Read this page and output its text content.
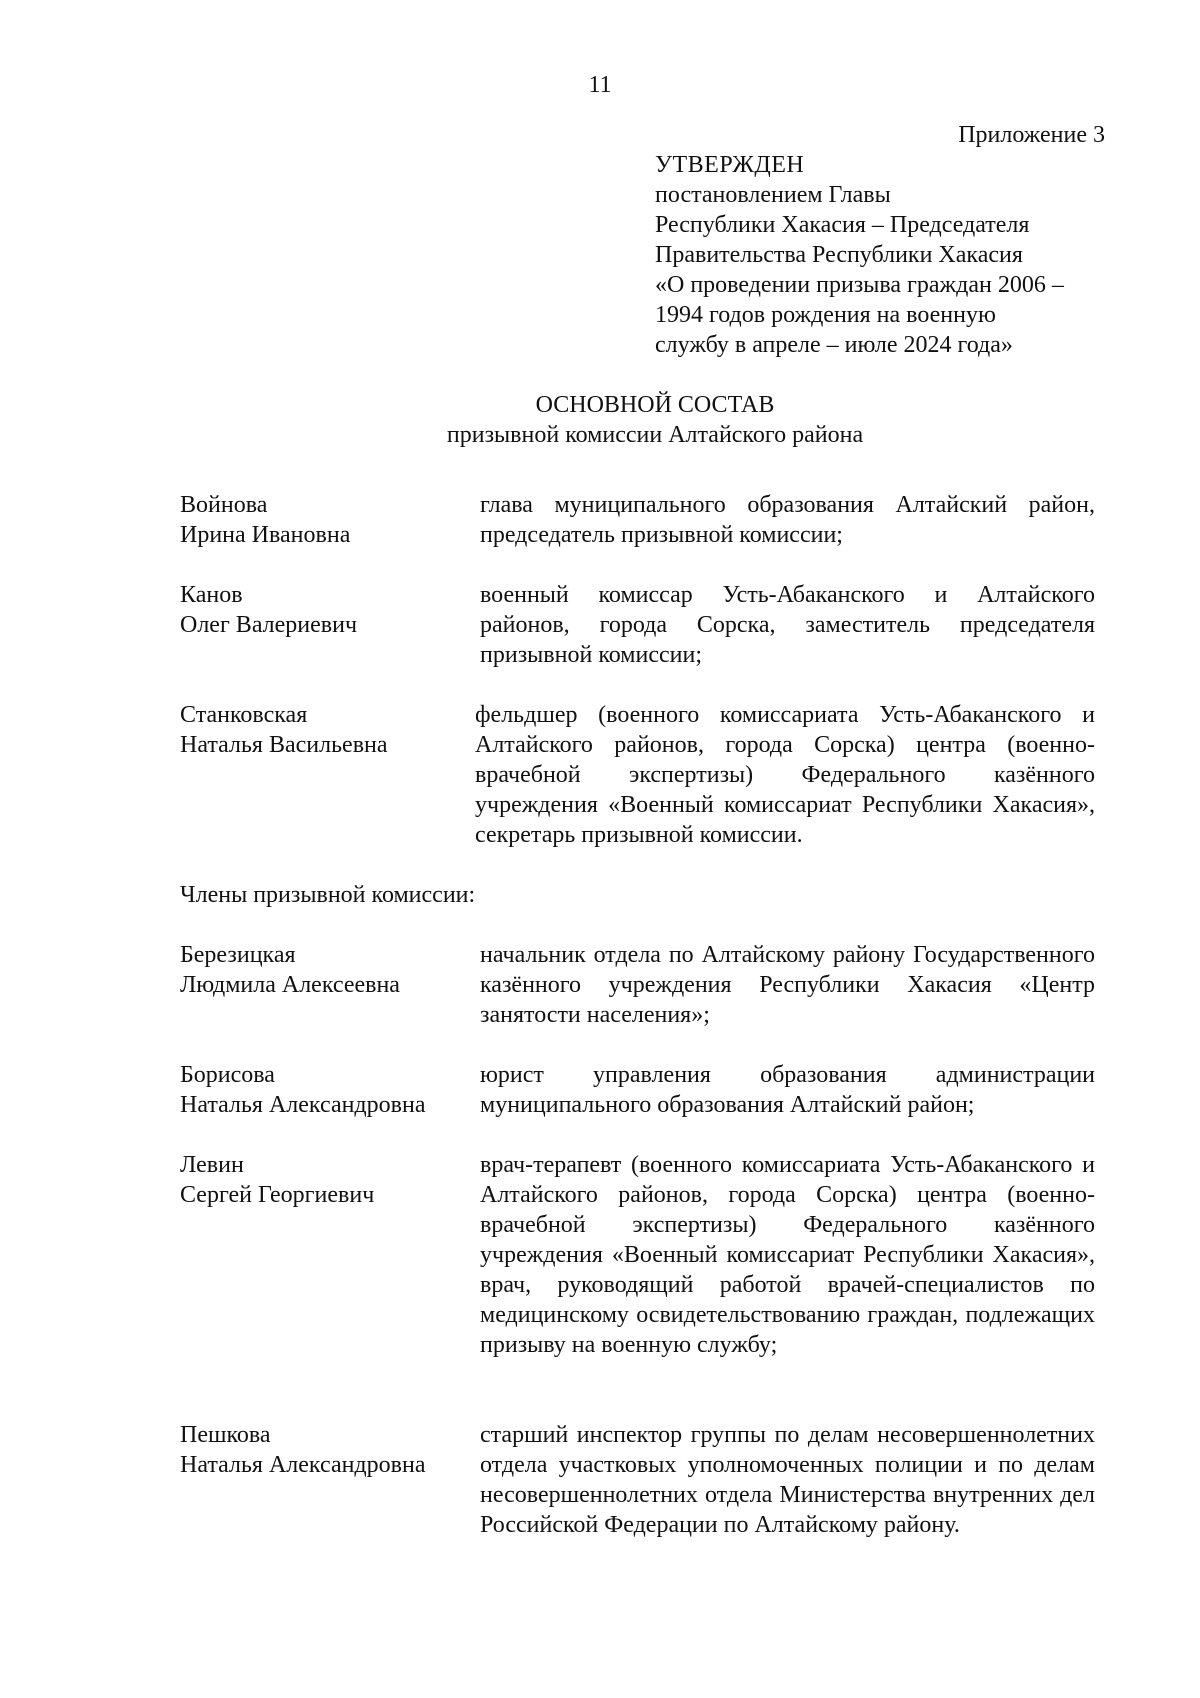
11
Приложение 3
УТВЕРЖДЕН
постановлением Главы
Республики Хакасия – Председателя
Правительства Республики Хакасия
«О проведении призыва граждан 2006 –
1994 годов рождения на военную
службу в апреле – июле 2024 года»
ОСНОВНОЙ СОСТАВ
призывной комиссии Алтайского района
Войнова
Ирина Ивановна
глава муниципального образования Алтайский район, председатель призывной комиссии;
Канов
Олег Валериевич
военный комиссар Усть-Абаканского и Алтайского районов, города Сорска, заместитель председателя призывной комиссии;
Станковская
Наталья Васильевна
фельдшер (военного комиссариата Усть-Абаканского и Алтайского районов, города Сорска) центра (военно-врачебной экспертизы) Федерального казённого учреждения «Военный комиссариат Республики Хакасия», секретарь призывной комиссии.
Члены призывной комиссии:
Березицкая
Людмила Алексеевна
начальник отдела по Алтайскому району Государственного казённого учреждения Республики Хакасия «Центр занятости населения»;
Борисова
Наталья Александровна
юрист управления образования администрации муниципального образования Алтайский район;
Левин
Сергей Георгиевич
врач-терапевт (военного комиссариата Усть-Абаканского и Алтайского районов, города Сорска) центра (военно-врачебной экспертизы) Федерального казённого учреждения «Военный комиссариат Республики Хакасия», врач, руководящий работой врачей-специалистов по медицинскому освидетельствованию граждан, подлежащих призыву на военную службу;
Пешкова
Наталья Александровна
старший инспектор группы по делам несовершеннолетних отдела участковых уполномоченных полиции и по делам несовершеннолетних отдела Министерства внутренних дел Российской Федерации по Алтайскому району.
